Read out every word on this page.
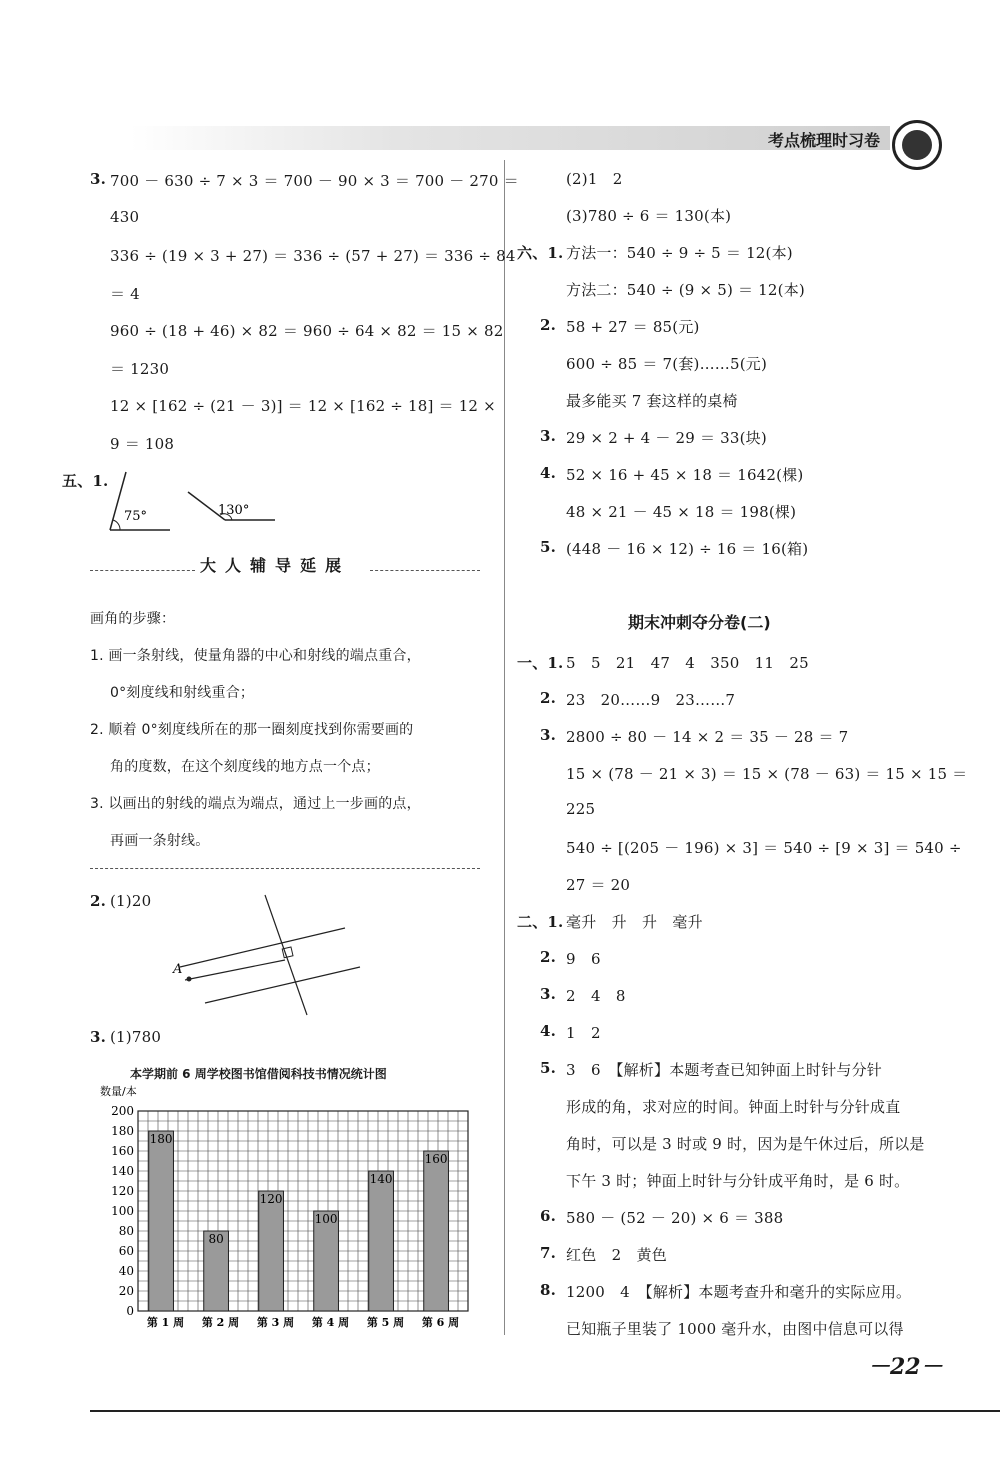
考点梳理时习卷
3. 700 － 630 ÷ 7 × 3 ＝ 700 － 90 × 3 ＝ 700 － 270 ＝
430
336 ÷ (19 × 3 + 27) ＝ 336 ÷ (57 + 27) ＝ 336 ÷ 84
＝ 4
960 ÷ (18 + 46) × 82 ＝ 960 ÷ 64 × 82 ＝ 15 × 82
＝ 1230
12 × [162 ÷ (21 － 3)] ＝ 12 × [162 ÷ 18] ＝ 12 ×
9 ＝ 108
五、1.
75°	130°
大 人 辅 导 延 展
画角的步骤：
1. 画一条射线，使量角器的中心和射线的端点重合，
0°刻度线和射线重合；
2. 顺着 0°刻度线所在的那一圈刻度找到你需要画的
角的度数，在这个刻度线的地方点一个点；
3. 以画出的射线的端点为端点，通过上一步画的点，
再画一条射线。
2. (1)20
A
3. (1)780
本学期前 6 周学校图书馆借阅科技书情况统计图
数量/本
0
20
40
60
80
100
120
140
160
180
200
180
第 1 周
80
第 2 周
120
第 3 周
100
第 4 周
140
第 5 周
160
第 6 周
(2)1　2
(3)780 ÷ 6 ＝ 130(本)
六、1. 方法一：540 ÷ 9 ÷ 5 ＝ 12(本)
方法二：540 ÷ (9 × 5) ＝ 12(本)
2. 58 + 27 ＝ 85(元)
600 ÷ 85 ＝ 7(套)……5(元)
最多能买 7 套这样的桌椅
3. 29 × 2 + 4 － 29 ＝ 33(块)
4. 52 × 16 + 45 × 18 ＝ 1642(棵)
48 × 21 － 45 × 18 ＝ 198(棵)
5. (448 － 16 × 12) ÷ 16 ＝ 16(箱)
期末冲刺夺分卷(二)
一、1. 5　5　21　47　4　350　11　25
2. 23　20……9　23……7
3. 2800 ÷ 80 － 14 × 2 ＝ 35 － 28 ＝ 7
15 × (78 － 21 × 3) ＝ 15 × (78 － 63) ＝ 15 × 15 ＝
225
540 ÷ [(205 － 196) × 3] ＝ 540 ÷ [9 × 3] ＝ 540 ÷
27 ＝ 20
二、1. 毫升　升　升　毫升
2. 9　6
3. 2　4　8
4. 1　2
5. 3　6　【解析】本题考查已知钟面上时针与分针
形成的角，求对应的时间。钟面上时针与分针成直
角时，可以是 3 时或 9 时，因为是午休过后，所以是
下午 3 时；钟面上时针与分针成平角时，是 6 时。
6. 580 － (52 － 20) × 6 ＝ 388
7. 红色　2　黄色
8. 1200　4　【解析】本题考查升和毫升的实际应用。
已知瓶子里装了 1000 毫升水，由图中信息可以得
－22－
